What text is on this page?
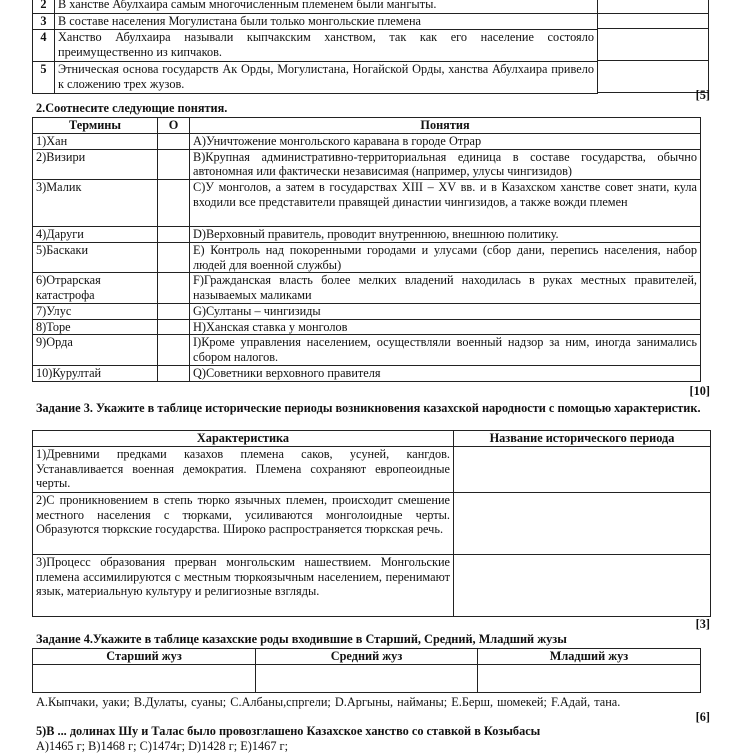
2	В ханстве Абулхаира самым многочисленным племенем были мангыты.
3	В составе населения Могулистана были только монгольские племена
4	Ханство Абулхаира называли кыпчакским ханством, так как его население состояло преимущественно из кипчаков.
5	Этническая основа государств Ак Орды, Могулистана, Ногайской Орды, ханства Абулхаира привело к сложению трех жузов.

[5]
2.Соотнесите следующие понятия.
Термины	О	Понятия
1)Хан		A)Уничтожение монгольского каравана в городе Отрар
2)Визири		B)Крупная административно-территориальная единица в составе государства, обычно автономная или фактически независимая (например, улусы чингизидов)
3)Малик		C)У монголов, а затем в государствах XIII – XV вв. и в Казахском ханстве совет знати, кула входили все представители правящей династии чингизидов, а также вожди племен
4)Даруги		D)Верховный правитель, проводит внутреннюю, внешнюю политику.
5)Баскаки		E) Контроль над покоренными городами и улусами (сбор дани, перепись населения, набор людей для военной службы)
6)Отрарская катастрофа		F)Гражданская власть более мелких владений находилась в руках местных правителей, называемых маликами
7)Улус		G)Султаны – чингизиды
8)Торе		H)Ханская ставка у монголов
9)Орда		I)Кроме управления населением, осуществляли военный надзор за ним, иногда занимались сбором налогов.
10)Курултай		Q)Советники верховного правителя
[10]
Задание 3. Укажите в таблице исторические периоды возникновения казахской народности с помощью характеристик.
Характеристика	Название исторического периода
1)Древними предками казахов племена саков, усуней, кангдов. Устанавливается военная демократия. Племена сохраняют европеоидные черты.	
2)С проникновением в степь тюрко язычных племен, происходит смешение местного населения с тюрками, усиливаются монголоидные черты. Образуются тюркские государства. Широко распространяется тюркская речь.	
3)Процесс образования прерван монгольским нашествием. Монгольские племена ассимилируются с местным тюркоязычным населением, перенимают язык, материальную культуру и религиозные взгляды.	
[3]
Задание 4.Укажите в таблице казахские роды входившие в Старший, Средний, Младший жузы
Старший жуз	Средний жуз	Младший жуз

A.Кыпчаки, уаки; B.Дулаты, суаны; C.Албаны,спргели; D.Аргыны, найманы; E.Берш, шомекей; F.Адай, тана.
[6]
5)В ... долинах Шу и Талас было провозглашено Казахское ханство со ставкой в Козыбасы
A)1465 г; B)1468 г; C)1474г; D)1428 г; E)1467 г;
